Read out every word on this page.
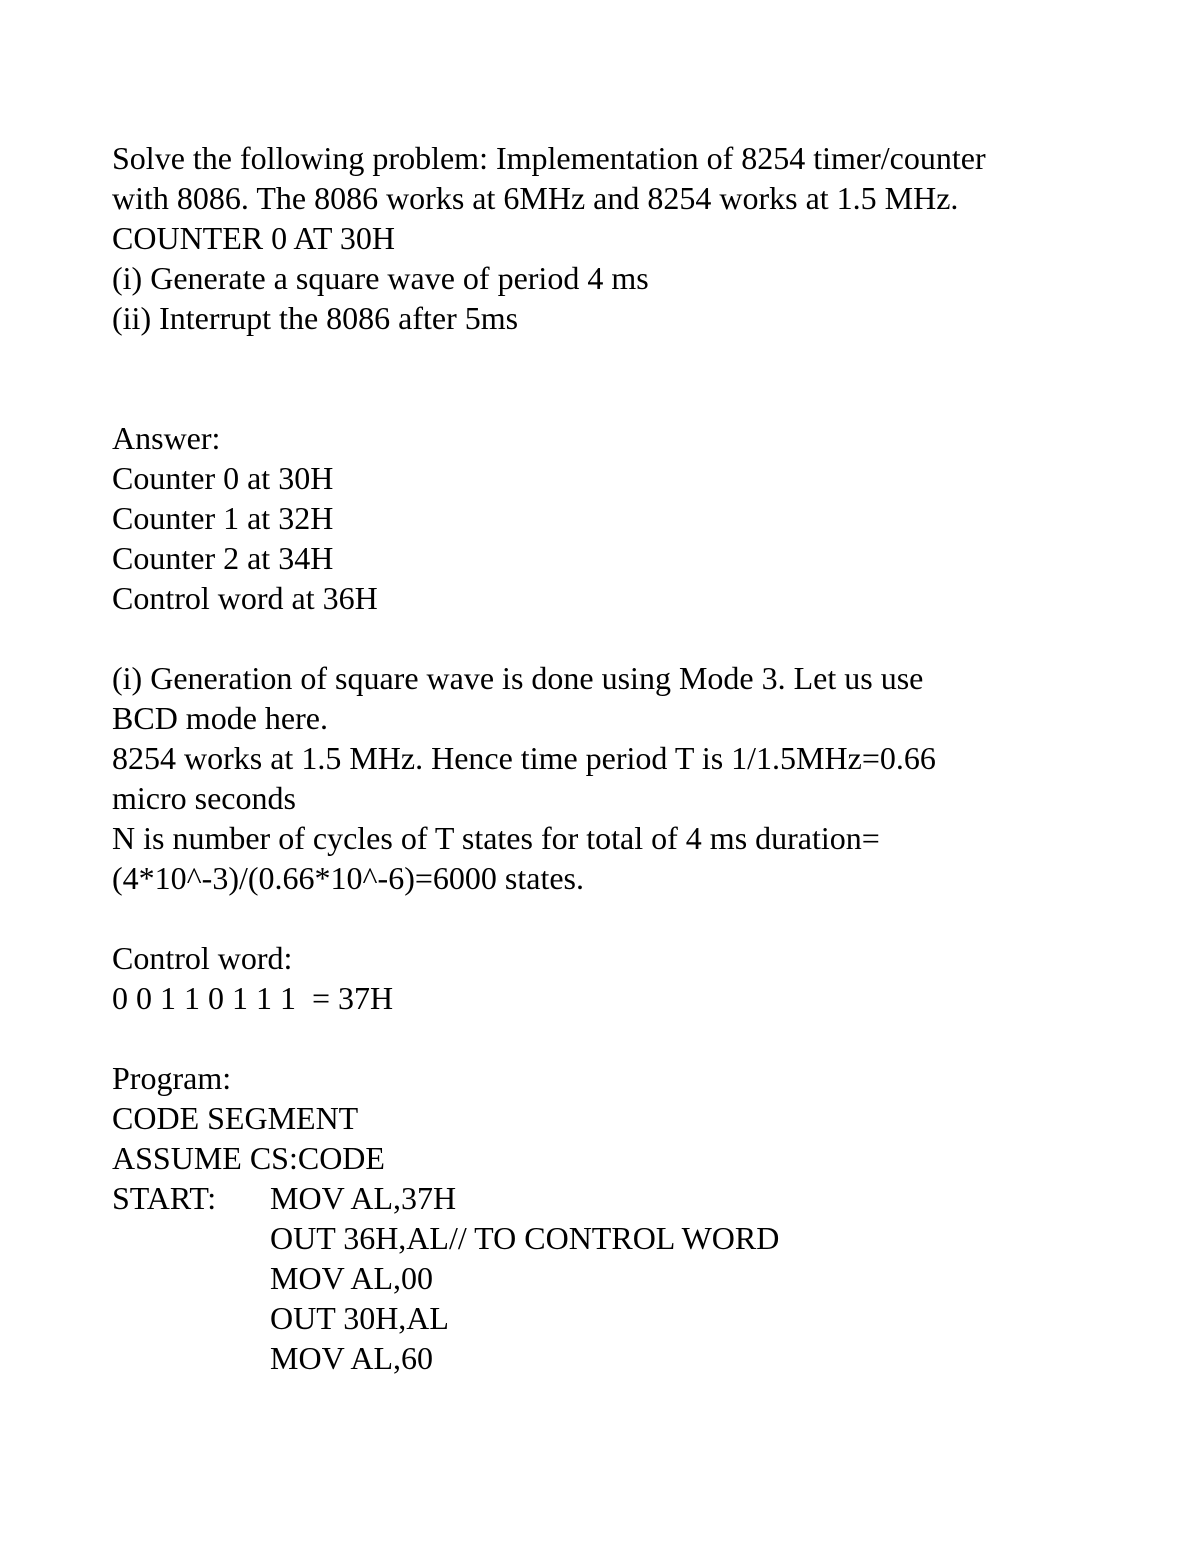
Solve the following problem: Implementation of 8254 timer/counter
with 8086. The 8086 works at 6MHz and 8254 works at 1.5 MHz.
COUNTER 0 AT 30H
(i) Generate a square wave of period 4 ms
(ii) Interrupt the 8086 after 5ms
Answer:
Counter 0 at 30H
Counter 1 at 32H
Counter 2 at 34H
Control word at 36H
(i) Generation of square wave is done using Mode 3. Let us use
BCD mode here.
8254 works at 1.5 MHz. Hence time period T is 1/1.5MHz=0.66
micro seconds
N is number of cycles of T states for total of 4 ms duration=
(4*10^-3)/(0.66*10^-6)=6000 states.
Control word:
0 0 1 1 0 1 1 1  = 37H
Program:
CODE SEGMENT
ASSUME CS:CODE
START: MOV AL,37H
OUT 36H,AL// TO CONTROL WORD
MOV AL,00
OUT 30H,AL
MOV AL,60
